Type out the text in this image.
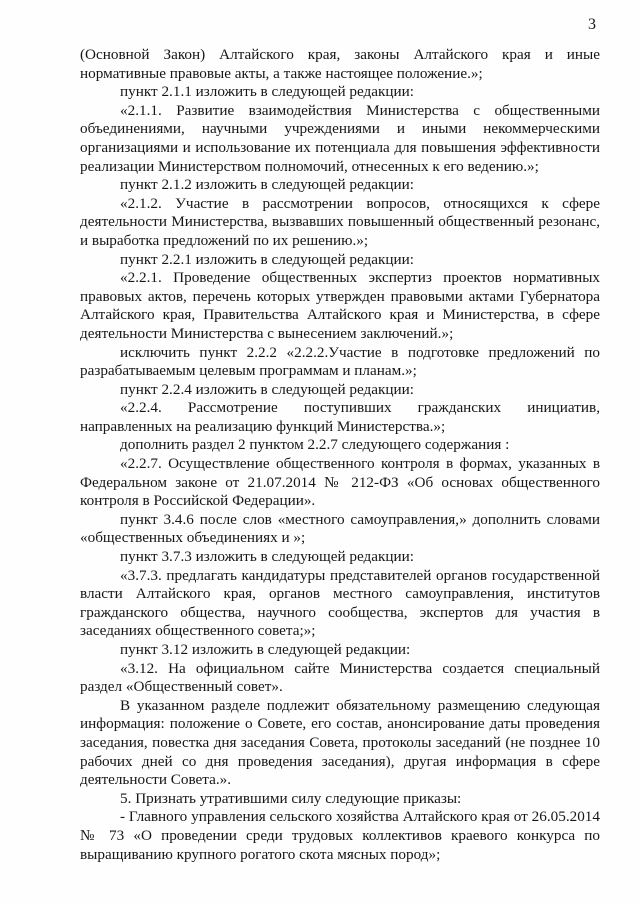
3

(Основной Закон) Алтайского края, законы Алтайского края и иные нормативные правовые акты, а также настоящее положение.»;

пункт 2.1.1 изложить в следующей редакции:

«2.1.1. Развитие взаимодействия Министерства с общественными объединениями, научными учреждениями и иными некоммерческими организациями и использование их потенциала для повышения эффективности реализации Министерством полномочий, отнесенных к его ведению.»;

пункт 2.1.2 изложить в следующей редакции:

«2.1.2. Участие в рассмотрении вопросов, относящихся к сфере деятельности Министерства, вызвавших повышенный общественный резонанс, и выработка предложений по их решению.»;

пункт 2.2.1 изложить в следующей редакции:

«2.2.1. Проведение общественных экспертиз проектов нормативных правовых актов, перечень которых утвержден правовыми актами Губернатора Алтайского края, Правительства Алтайского края и Министерства, в сфере деятельности Министерства с вынесением заключений.»;

исключить пункт 2.2.2 «2.2.2.Участие в подготовке предложений по разрабатываемым целевым программам и планам.»;

пункт 2.2.4 изложить в следующей редакции:

«2.2.4. Рассмотрение поступивших гражданских инициатив, направленных на реализацию функций Министерства.»;

дополнить раздел 2 пунктом 2.2.7 следующего содержания :

«2.2.7. Осуществление общественного контроля в формах, указанных в Федеральном законе от 21.07.2014 № 212-ФЗ «Об основах общественного контроля в Российской Федерации».

пункт 3.4.6 после слов «местного самоуправления,» дополнить словами «общественных объединениях и »;

пункт 3.7.3 изложить в следующей редакции:

«3.7.3. предлагать кандидатуры представителей органов государственной власти Алтайского края, органов местного самоуправления, институтов гражданского общества, научного сообщества, экспертов для участия в заседаниях общественного совета;»;

пункт 3.12 изложить в следующей редакции:

«3.12. На официальном сайте Министерства создается специальный раздел «Общественный совет».

В указанном разделе подлежит обязательному размещению следующая информация: положение о Совете, его состав, анонсирование даты проведения заседания, повестка дня заседания Совета, протоколы заседаний (не позднее 10 рабочих дней со дня проведения заседания), другая информация в сфере деятельности Совета.».

5. Признать утратившими силу следующие приказы:

- Главного управления сельского хозяйства Алтайского края от 26.05.2014 № 73 «О проведении среди трудовых коллективов краевого конкурса по выращиванию крупного рогатого скота мясных пород»;
